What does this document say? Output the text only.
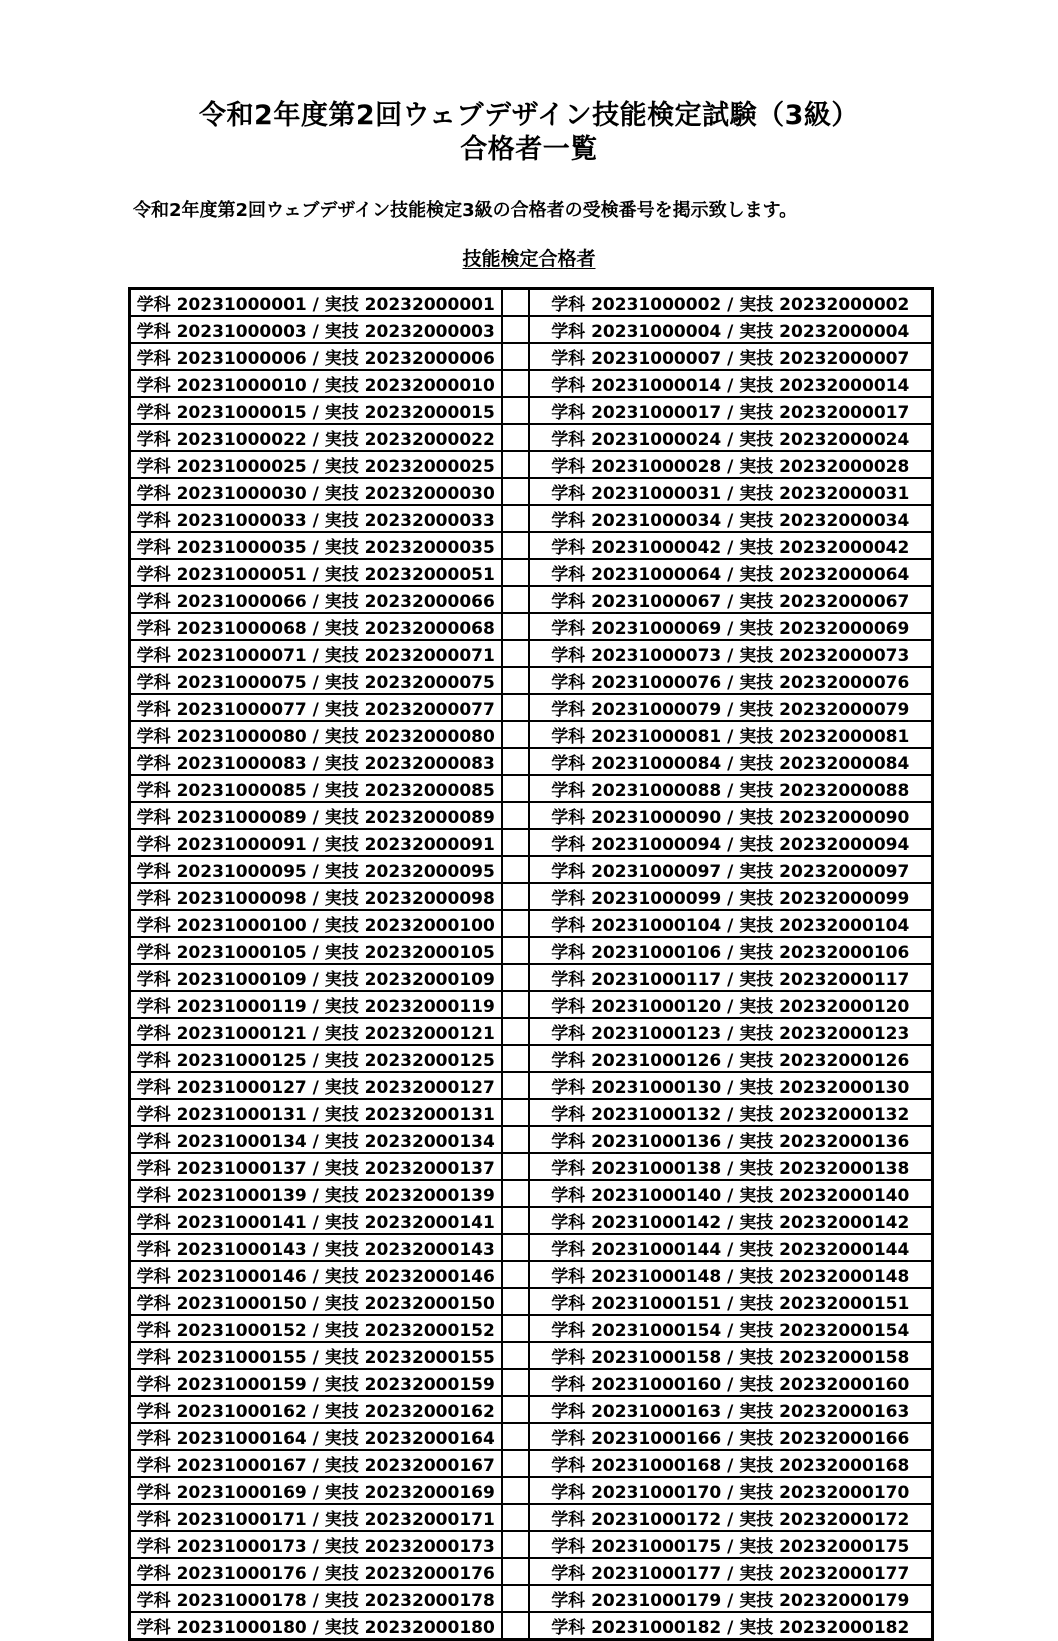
令和2年度第2回ウェブデザイン技能検定試験（3級）
合格者一覧
令和2年度第2回ウェブデザイン技能検定3級の合格者の受検番号を掲示致します。
技能検定合格者
学科 20231000001 / 実技 20232000001		学科 20231000002 / 実技 20232000002
学科 20231000003 / 実技 20232000003		学科 20231000004 / 実技 20232000004
学科 20231000006 / 実技 20232000006		学科 20231000007 / 実技 20232000007
学科 20231000010 / 実技 20232000010		学科 20231000014 / 実技 20232000014
学科 20231000015 / 実技 20232000015		学科 20231000017 / 実技 20232000017
学科 20231000022 / 実技 20232000022		学科 20231000024 / 実技 20232000024
学科 20231000025 / 実技 20232000025		学科 20231000028 / 実技 20232000028
学科 20231000030 / 実技 20232000030		学科 20231000031 / 実技 20232000031
学科 20231000033 / 実技 20232000033		学科 20231000034 / 実技 20232000034
学科 20231000035 / 実技 20232000035		学科 20231000042 / 実技 20232000042
学科 20231000051 / 実技 20232000051		学科 20231000064 / 実技 20232000064
学科 20231000066 / 実技 20232000066		学科 20231000067 / 実技 20232000067
学科 20231000068 / 実技 20232000068		学科 20231000069 / 実技 20232000069
学科 20231000071 / 実技 20232000071		学科 20231000073 / 実技 20232000073
学科 20231000075 / 実技 20232000075		学科 20231000076 / 実技 20232000076
学科 20231000077 / 実技 20232000077		学科 20231000079 / 実技 20232000079
学科 20231000080 / 実技 20232000080		学科 20231000081 / 実技 20232000081
学科 20231000083 / 実技 20232000083		学科 20231000084 / 実技 20232000084
学科 20231000085 / 実技 20232000085		学科 20231000088 / 実技 20232000088
学科 20231000089 / 実技 20232000089		学科 20231000090 / 実技 20232000090
学科 20231000091 / 実技 20232000091		学科 20231000094 / 実技 20232000094
学科 20231000095 / 実技 20232000095		学科 20231000097 / 実技 20232000097
学科 20231000098 / 実技 20232000098		学科 20231000099 / 実技 20232000099
学科 20231000100 / 実技 20232000100		学科 20231000104 / 実技 20232000104
学科 20231000105 / 実技 20232000105		学科 20231000106 / 実技 20232000106
学科 20231000109 / 実技 20232000109		学科 20231000117 / 実技 20232000117
学科 20231000119 / 実技 20232000119		学科 20231000120 / 実技 20232000120
学科 20231000121 / 実技 20232000121		学科 20231000123 / 実技 20232000123
学科 20231000125 / 実技 20232000125		学科 20231000126 / 実技 20232000126
学科 20231000127 / 実技 20232000127		学科 20231000130 / 実技 20232000130
学科 20231000131 / 実技 20232000131		学科 20231000132 / 実技 20232000132
学科 20231000134 / 実技 20232000134		学科 20231000136 / 実技 20232000136
学科 20231000137 / 実技 20232000137		学科 20231000138 / 実技 20232000138
学科 20231000139 / 実技 20232000139		学科 20231000140 / 実技 20232000140
学科 20231000141 / 実技 20232000141		学科 20231000142 / 実技 20232000142
学科 20231000143 / 実技 20232000143		学科 20231000144 / 実技 20232000144
学科 20231000146 / 実技 20232000146		学科 20231000148 / 実技 20232000148
学科 20231000150 / 実技 20232000150		学科 20231000151 / 実技 20232000151
学科 20231000152 / 実技 20232000152		学科 20231000154 / 実技 20232000154
学科 20231000155 / 実技 20232000155		学科 20231000158 / 実技 20232000158
学科 20231000159 / 実技 20232000159		学科 20231000160 / 実技 20232000160
学科 20231000162 / 実技 20232000162		学科 20231000163 / 実技 20232000163
学科 20231000164 / 実技 20232000164		学科 20231000166 / 実技 20232000166
学科 20231000167 / 実技 20232000167		学科 20231000168 / 実技 20232000168
学科 20231000169 / 実技 20232000169		学科 20231000170 / 実技 20232000170
学科 20231000171 / 実技 20232000171		学科 20231000172 / 実技 20232000172
学科 20231000173 / 実技 20232000173		学科 20231000175 / 実技 20232000175
学科 20231000176 / 実技 20232000176		学科 20231000177 / 実技 20232000177
学科 20231000178 / 実技 20232000178		学科 20231000179 / 実技 20232000179
学科 20231000180 / 実技 20232000180		学科 20231000182 / 実技 20232000182
